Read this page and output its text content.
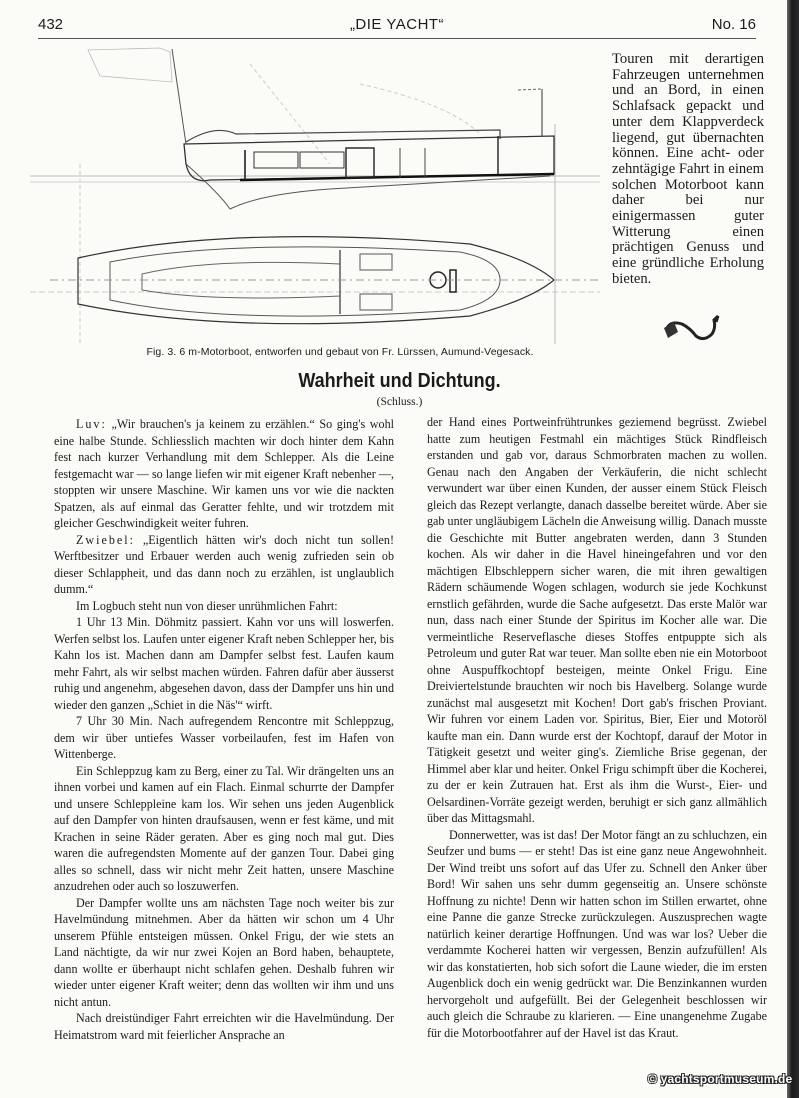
432	„DIE YACHT“	No. 16

Touren mit derartigen Fahrzeugen unternehmen und an Bord, in einen Schlafsack gepackt und unter dem Klappverdeck liegend, gut übernachten können. Eine acht- oder zehntägige Fahrt in einem solchen Motorboot kann daher bei nur einigermassen guter Witterung einen prächtigen Genuss und eine gründliche Erholung bieten.

Fig. 3. 6 m-Motorboot, entworfen und gebaut von Fr. Lürssen, Aumund-Vegesack.
Wahrheit und Dichtung.
(Schluss.)

Luv: „Wir brauchen's ja keinem zu erzählen.“ So ging's wohl eine halbe Stunde. Schliesslich machten wir doch hinter dem Kahn fest nach kurzer Verhandlung mit dem Schlepper. Als die Leine festgemacht war — so lange liefen wir mit eigener Kraft nebenher —, stoppten wir unsere Maschine. Wir kamen uns vor wie die nackten Spatzen, als auf einmal das Geratter fehlte, und wir trotzdem mit gleicher Geschwindigkeit weiter fuhren.

Zwiebel: „Eigentlich hätten wir's doch nicht tun sollen! Werftbesitzer und Erbauer werden auch wenig zufrieden sein ob dieser Schlappheit, und das dann noch zu erzählen, ist unglaublich dumm.“

Im Logbuch steht nun von dieser unrühmlichen Fahrt:

1 Uhr 13 Min. Döhmitz passiert. Kahn vor uns will loswerfen. Werfen selbst los. Laufen unter eigener Kraft neben Schlepper her, bis Kahn los ist. Machen dann am Dampfer selbst fest. Laufen kaum mehr Fahrt, als wir selbst machen würden. Fahren dafür aber äusserst ruhig und angenehm, abgesehen davon, dass der Dampfer uns hin und wieder den ganzen „Schiet in die Näs'“ wirft.

7 Uhr 30 Min. Nach aufregendem Rencontre mit Schleppzug, dem wir über untiefes Wasser vorbeilaufen, fest im Hafen von Wittenberge.

Ein Schleppzug kam zu Berg, einer zu Tal. Wir drängelten uns an ihnen vorbei und kamen auf ein Flach. Einmal schurrte der Dampfer und unsere Schleppleine kam los. Wir sehen uns jeden Augenblick auf den Dampfer von hinten draufsausen, wenn er fest käme, und mit Krachen in seine Räder geraten. Aber es ging noch mal gut. Dies waren die aufregendsten Momente auf der ganzen Tour. Dabei ging alles so schnell, dass wir nicht mehr Zeit hatten, unsere Maschine anzudrehen oder auch so loszuwerfen.

Der Dampfer wollte uns am nächsten Tage noch weiter bis zur Havelmündung mitnehmen. Aber da hätten wir schon um 4 Uhr unserem Pfühle entsteigen müssen. Onkel Frigu, der wie stets an Land nächtigte, da wir nur zwei Kojen an Bord haben, behauptete, dann wollte er überhaupt nicht schlafen gehen. Deshalb fuhren wir wieder unter eigener Kraft weiter; denn das wollten wir ihm und uns nicht antun.

Nach dreistündiger Fahrt erreichten wir die Havelmündung. Der Heimatstrom ward mit feierlicher Ansprache an

der Hand eines Portweinfrühtrunkes geziemend begrüsst. Zwiebel hatte zum heutigen Festmahl ein mächtiges Stück Rindfleisch erstanden und gab vor, daraus Schmorbraten machen zu wollen. Genau nach den Angaben der Verkäuferin, die nicht schlecht verwundert war über einen Kunden, der ausser einem Stück Fleisch gleich das Rezept verlangte, danach dasselbe bereitet würde. Aber sie gab unter ungläubigem Lächeln die Anweisung willig. Danach musste die Geschichte mit Butter angebraten werden, dann 3 Stunden kochen. Als wir daher in die Havel hineingefahren und vor den mächtigen Elbschleppern sicher waren, die mit ihren gewaltigen Rädern schäumende Wogen schlagen, wodurch sie jede Kochkunst ernstlich gefährden, wurde die Sache aufgesetzt. Das erste Malör war nun, dass nach einer Stunde der Spiritus im Kocher alle war. Die vermeintliche Reserveflasche dieses Stoffes entpuppte sich als Petroleum und guter Rat war teuer. Man sollte eben nie ein Motorboot ohne Auspuffkochtopf besteigen, meinte Onkel Frigu. Eine Dreiviertelstunde brauchten wir noch bis Havelberg. Solange wurde zunächst mal ausgesetzt mit Kochen! Dort gab's frischen Proviant. Wir fuhren vor einem Laden vor. Spiritus, Bier, Eier und Motoröl kaufte man ein. Dann wurde erst der Kochtopf, darauf der Motor in Tätigkeit gesetzt und weiter ging's. Ziemliche Brise gegenan, der Himmel aber klar und heiter. Onkel Frigu schimpft über die Kocherei, zu der er kein Zutrauen hat. Erst als ihm die Wurst-, Eier- und Oelsardinen-Vorräte gezeigt werden, beruhigt er sich ganz allmählich über das Mittagsmahl.

Donnerwetter, was ist das! Der Motor fängt an zu schluchzen, ein Seufzer und bums — er steht! Das ist eine ganz neue Angewohnheit. Der Wind treibt uns sofort auf das Ufer zu. Schnell den Anker über Bord! Wir sahen uns sehr dumm gegenseitig an. Unsere schönste Hoffnung zu nichte! Denn wir hatten schon im Stillen erwartet, ohne eine Panne die ganze Strecke zurückzulegen. Auszusprechen wagte natürlich keiner derartige Hoffnungen. Und was war los? Ueber die verdammte Kocherei hatten wir vergessen, Benzin aufzufüllen! Als wir das konstatierten, hob sich sofort die Laune wieder, die im ersten Augenblick doch ein wenig gedrückt war. Die Benzinkannen wurden hervorgeholt und aufgefüllt. Bei der Gelegenheit beschlossen wir auch gleich die Schraube zu klarieren. — Eine unangenehme Zugabe für die Motorbootfahrer auf der Havel ist das Kraut.

© yachtsportmuseum.de
